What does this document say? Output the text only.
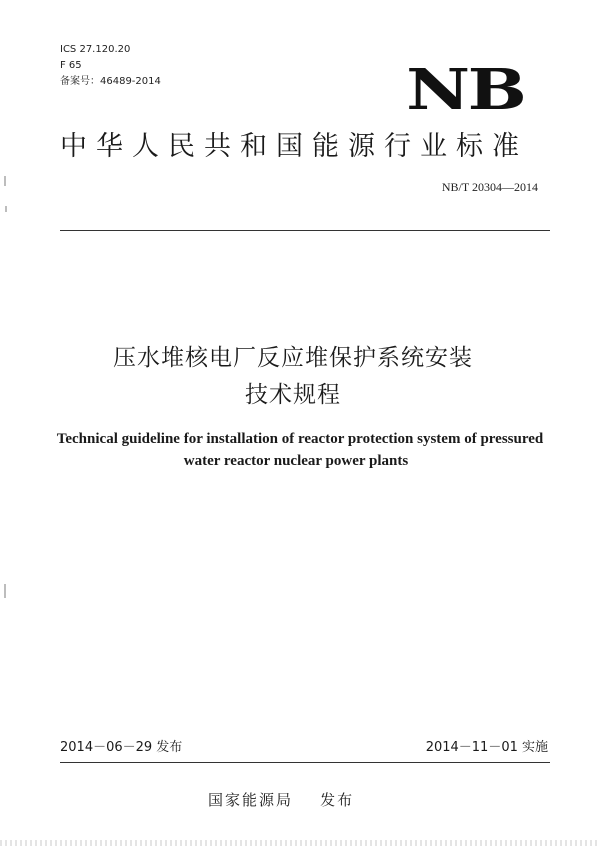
ICS 27.120.20
F 65
备案号：46489-2014	NB
中华人民共和国能源行业标准
NB/T 20304—2014
压水堆核电厂反应堆保护系统安装
技术规程
Technical guideline for installation of reactor protection system of pressured
water reactor nuclear power plants
2014－06－29 发布	2014－11－01 实施
国家能源局    发布
